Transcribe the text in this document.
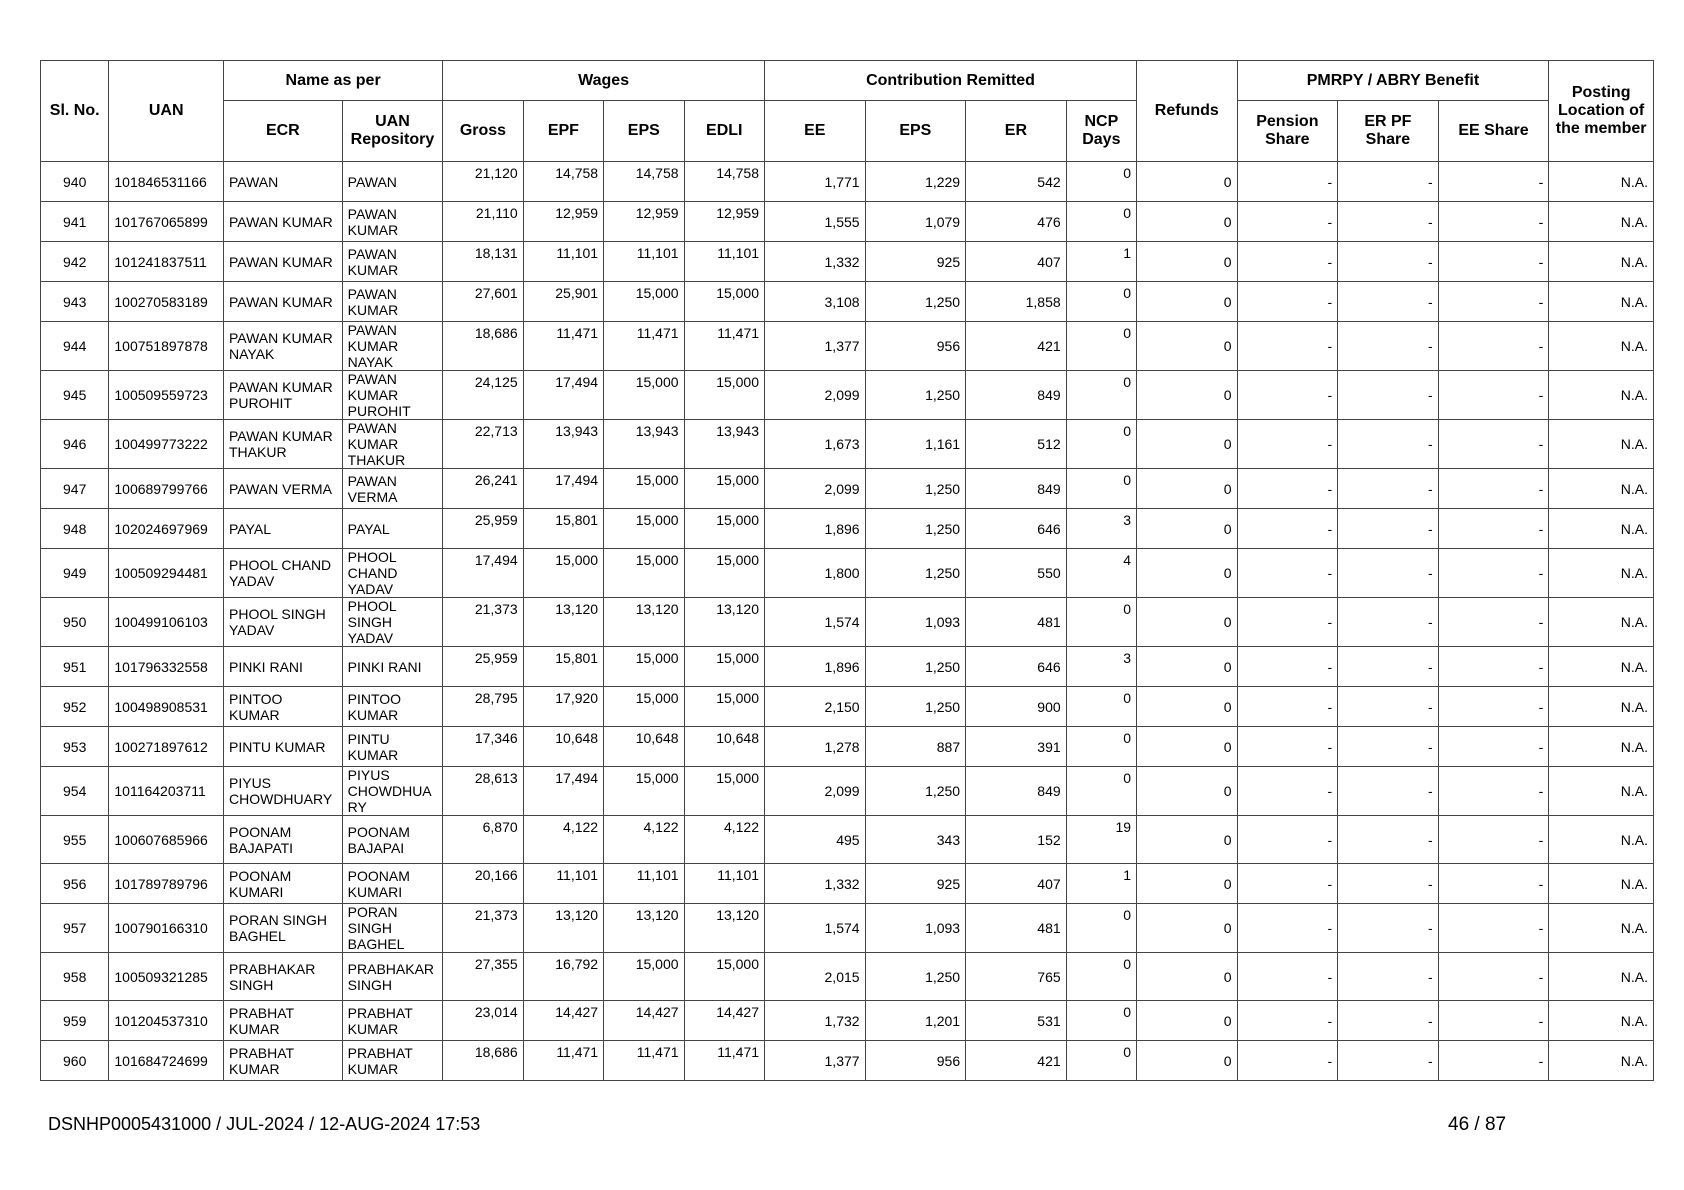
Sl. No.	UAN	Name as per		Wages				Contribution Remitted				Refunds	PMRPY / ABRY Benefit			Posting Location of the member
		ECR	UAN Repository	Gross	EPF	EPS	EDLI	EE	EPS	ER	NCP Days		Pension Share	ER PF Share	EE Share	
940	101846531166	PAWAN	PAWAN	21,120	14,758	14,758	14,758	1,771	1,229	542	0	0	-	-	-	N.A.
941	101767065899	PAWAN KUMAR	PAWAN KUMAR	21,110	12,959	12,959	12,959	1,555	1,079	476	0	0	-	-	-	N.A.
942	101241837511	PAWAN KUMAR	PAWAN KUMAR	18,131	11,101	11,101	11,101	1,332	925	407	1	0	-	-	-	N.A.
943	100270583189	PAWAN KUMAR	PAWAN KUMAR	27,601	25,901	15,000	15,000	3,108	1,250	1,858	0	0	-	-	-	N.A.
944	100751897878	PAWAN KUMAR NAYAK	PAWAN KUMAR NAYAK	18,686	11,471	11,471	11,471	1,377	956	421	0	0	-	-	-	N.A.
945	100509559723	PAWAN KUMAR PUROHIT	PAWAN KUMAR PUROHIT	24,125	17,494	15,000	15,000	2,099	1,250	849	0	0	-	-	-	N.A.
946	100499773222	PAWAN KUMAR THAKUR	PAWAN KUMAR THAKUR	22,713	13,943	13,943	13,943	1,673	1,161	512	0	0	-	-	-	N.A.
947	100689799766	PAWAN VERMA	PAWAN VERMA	26,241	17,494	15,000	15,000	2,099	1,250	849	0	0	-	-	-	N.A.
948	102024697969	PAYAL	PAYAL	25,959	15,801	15,000	15,000	1,896	1,250	646	3	0	-	-	-	N.A.
949	100509294481	PHOOL CHAND YADAV	PHOOL CHAND YADAV	17,494	15,000	15,000	15,000	1,800	1,250	550	4	0	-	-	-	N.A.
950	100499106103	PHOOL SINGH YADAV	PHOOL SINGH YADAV	21,373	13,120	13,120	13,120	1,574	1,093	481	0	0	-	-	-	N.A.
951	101796332558	PINKI RANI	PINKI RANI	25,959	15,801	15,000	15,000	1,896	1,250	646	3	0	-	-	-	N.A.
952	100498908531	PINTOO KUMAR	PINTOO KUMAR	28,795	17,920	15,000	15,000	2,150	1,250	900	0	0	-	-	-	N.A.
953	100271897612	PINTU KUMAR	PINTU KUMAR	17,346	10,648	10,648	10,648	1,278	887	391	0	0	-	-	-	N.A.
954	101164203711	PIYUS CHOWDHUARY	PIYUS CHOWDHUA RY	28,613	17,494	15,000	15,000	2,099	1,250	849	0	0	-	-	-	N.A.
955	100607685966	POONAM BAJAPATI	POONAM BAJAPAI	6,870	4,122	4,122	4,122	495	343	152	19	0	-	-	-	N.A.
956	101789789796	POONAM KUMARI	POONAM KUMARI	20,166	11,101	11,101	11,101	1,332	925	407	1	0	-	-	-	N.A.
957	100790166310	PORAN SINGH BAGHEL	PORAN SINGH BAGHEL	21,373	13,120	13,120	13,120	1,574	1,093	481	0	0	-	-	-	N.A.
958	100509321285	PRABHAKAR SINGH	PRABHAKAR SINGH	27,355	16,792	15,000	15,000	2,015	1,250	765	0	0	-	-	-	N.A.
959	101204537310	PRABHAT KUMAR	PRABHAT KUMAR	23,014	14,427	14,427	14,427	1,732	1,201	531	0	0	-	-	-	N.A.
960	101684724699	PRABHAT KUMAR	PRABHAT KUMAR	18,686	11,471	11,471	11,471	1,377	956	421	0	0	-	-	-	N.A.
DSNHP0005431000 / JUL-2024 / 12-AUG-2024 17:53	46 / 87
